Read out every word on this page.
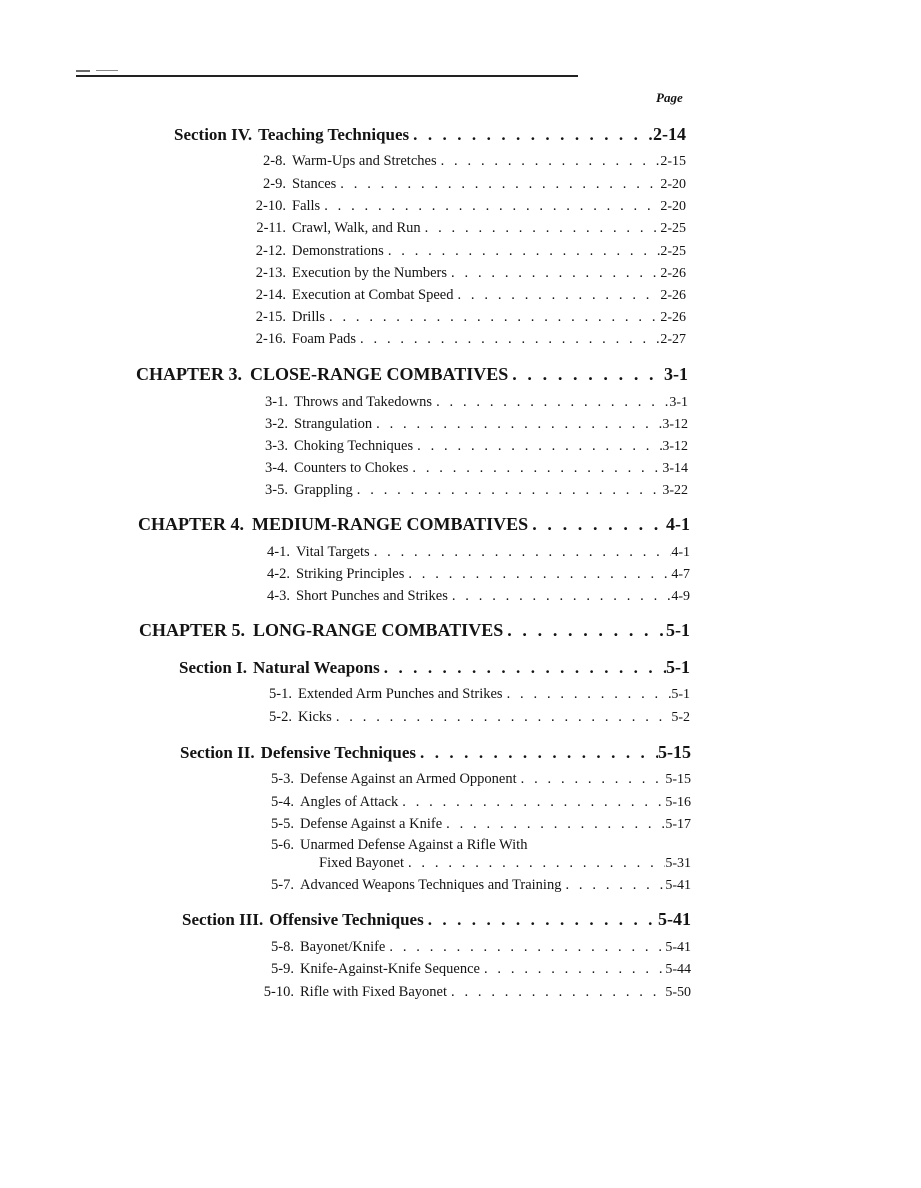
Page
Section IV. Teaching Techniques . . .	2-14
2-8. Warm-Ups and Stretches . . .	2-15
2-9. Stances . . .	2-20
2-10. Falls . . .	2-20
2-11. Crawl, Walk, and Run . . .	2-25
2-12. Demonstrations . . .	2-25
2-13. Execution by the Numbers . . .	2-26
2-14. Execution at Combat Speed . . .	2-26
2-15. Drills . . .	2-26
2-16. Foam Pads . . .	2-27
CHAPTER 3. CLOSE-RANGE COMBATIVES . . .	3-1
3-1. Throws and Takedowns . . .	3-1
3-2. Strangulation . . .	3-12
3-3. Choking Techniques . . .	3-12
3-4. Counters to Chokes . . .	3-14
3-5. Grappling . . .	3-22
CHAPTER 4. MEDIUM-RANGE COMBATIVES . . .	4-1
4-1. Vital Targets . . .	4-1
4-2. Striking Principles . . .	4-7
4-3. Short Punches and Strikes . . .	4-9
CHAPTER 5. LONG-RANGE COMBATIVES . . .	5-1
Section I. Natural Weapons . . .	5-1
5-1. Extended Arm Punches and Strikes . . .	5-1
5-2. Kicks . . .	5-2
Section II. Defensive Techniques . . .	5-15
5-3. Defense Against an Armed Opponent . . .	5-15
5-4. Angles of Attack . . .	5-16
5-5. Defense Against a Knife . . .	5-17
5-6. Unarmed Defense Against a Rifle With
Fixed Bayonet . . .	5-31
5-7. Advanced Weapons Techniques and Training . . .	5-41
Section III. Offensive Techniques . . .	5-41
5-8. Bayonet/Knife . . .	5-41
5-9. Knife-Against-Knife Sequence . . .	5-44
5-10. Rifle with Fixed Bayonet . . .	5-50
